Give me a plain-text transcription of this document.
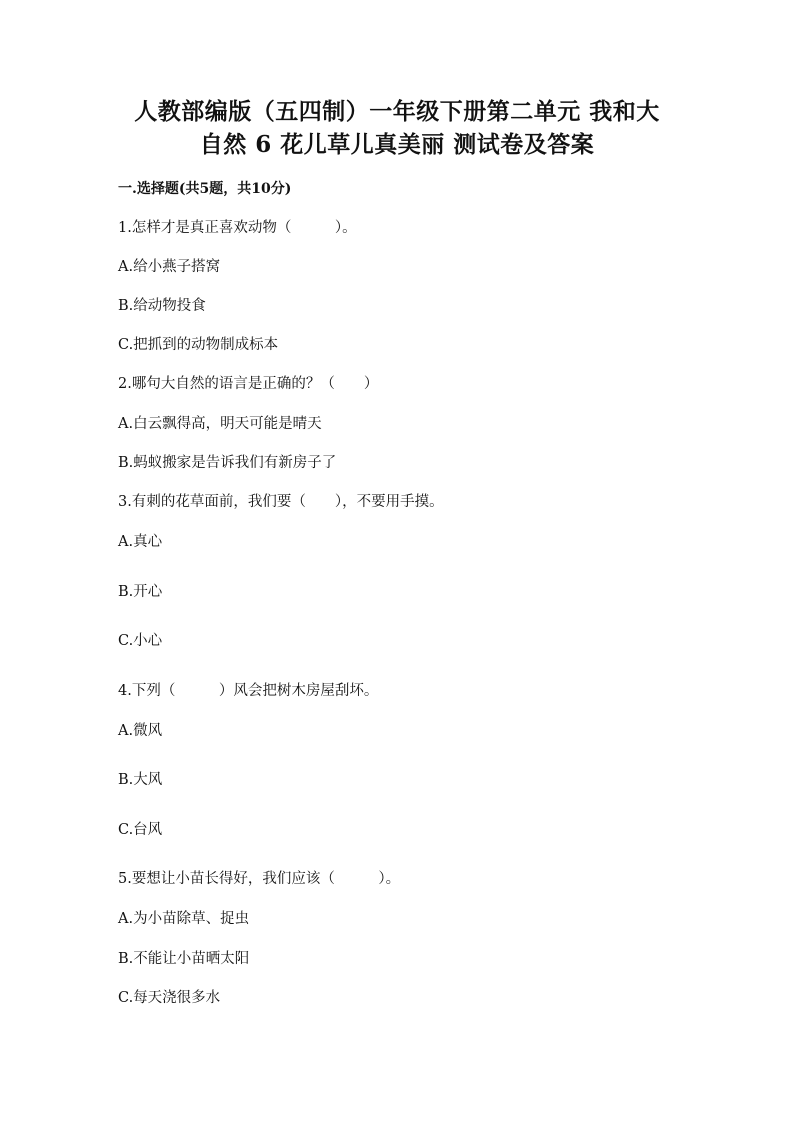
人教部编版（五四制）一年级下册第二单元 我和大
自然 6 花儿草儿真美丽 测试卷及答案
一.选择题(共5题，共10分)
1.怎样才是真正喜欢动物（　　　）。
A.给小燕子搭窝
B.给动物投食
C.把抓到的动物制成标本
2.哪句大自然的语言是正确的？（　　）
A.白云飘得高，明天可能是晴天
B.蚂蚁搬家是告诉我们有新房子了
3.有刺的花草面前，我们要（　　），不要用手摸。
A.真心
B.开心
C.小心
4.下列（　　　）风会把树木房屋刮坏。
A.微风
B.大风
C.台风
5.要想让小苗长得好，我们应该（　　　）。
A.为小苗除草、捉虫
B.不能让小苗晒太阳
C.每天浇很多水
